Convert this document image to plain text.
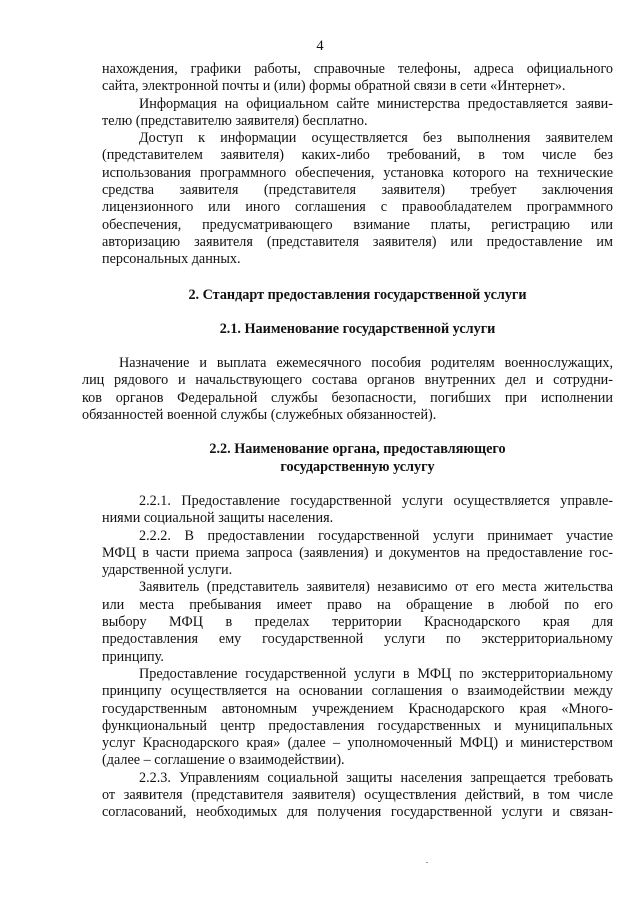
4
нахождения, графики работы, справочные телефоны, адреса официального
сайта, электронной почты и (или) формы обратной связи в сети «Интернет».
Информация на официальном сайте министерства предоставляется заяви-
телю (представителю заявителя) бесплатно.
Доступ к информации осуществляется без выполнения заявителем
(представителем заявителя) каких-либо требований, в том числе без
использования программного обеспечения, установка которого на технические
средства заявителя (представителя заявителя) требует заключения
лицензионного или иного соглашения с правообладателем программного
обеспечения, предусматривающего взимание платы, регистрацию или
авторизацию заявителя (представителя заявителя) или предоставление им
персональных данных.

2. Стандарт предоставления государственной услуги

2.1. Наименование государственной услуги

Назначение и выплата ежемесячного пособия родителям военнослужащих,
лиц рядового и начальствующего состава органов внутренних дел и сотрудни-
ков органов Федеральной службы безопасности, погибших при исполнении
обязанностей военной службы (служебных обязанностей).

2.2. Наименование органа, предоставляющего

государственную услугу

2.2.1. Предоставление государственной услуги осуществляется управле-
ниями социальной защиты населения.
2.2.2. В предоставлении государственной услуги принимает участие
МФЦ в части приема запроса (заявления) и документов на предоставление гос-
ударственной услуги.
Заявитель (представитель заявителя) независимо от его места жительства
или места пребывания имеет право на обращение в любой по его
выбору МФЦ в пределах территории Краснодарского края для
предоставления ему государственной услуги по экстерриториальному
принципу.
Предоставление государственной услуги в МФЦ по экстерриториальному
принципу осуществляется на основании соглашения о взаимодействии между
государственным автономным учреждением Краснодарского края «Много-
функциональный центр предоставления государственных и муниципальных
услуг Краснодарского края» (далее – уполномоченный МФЦ) и министерством
(далее – соглашение о взаимодействии).
2.2.3. Управлениям социальной защиты населения запрещается требовать
от заявителя (представителя заявителя) осуществления действий, в том числе
согласований, необходимых для получения государственной услуги и связан-
